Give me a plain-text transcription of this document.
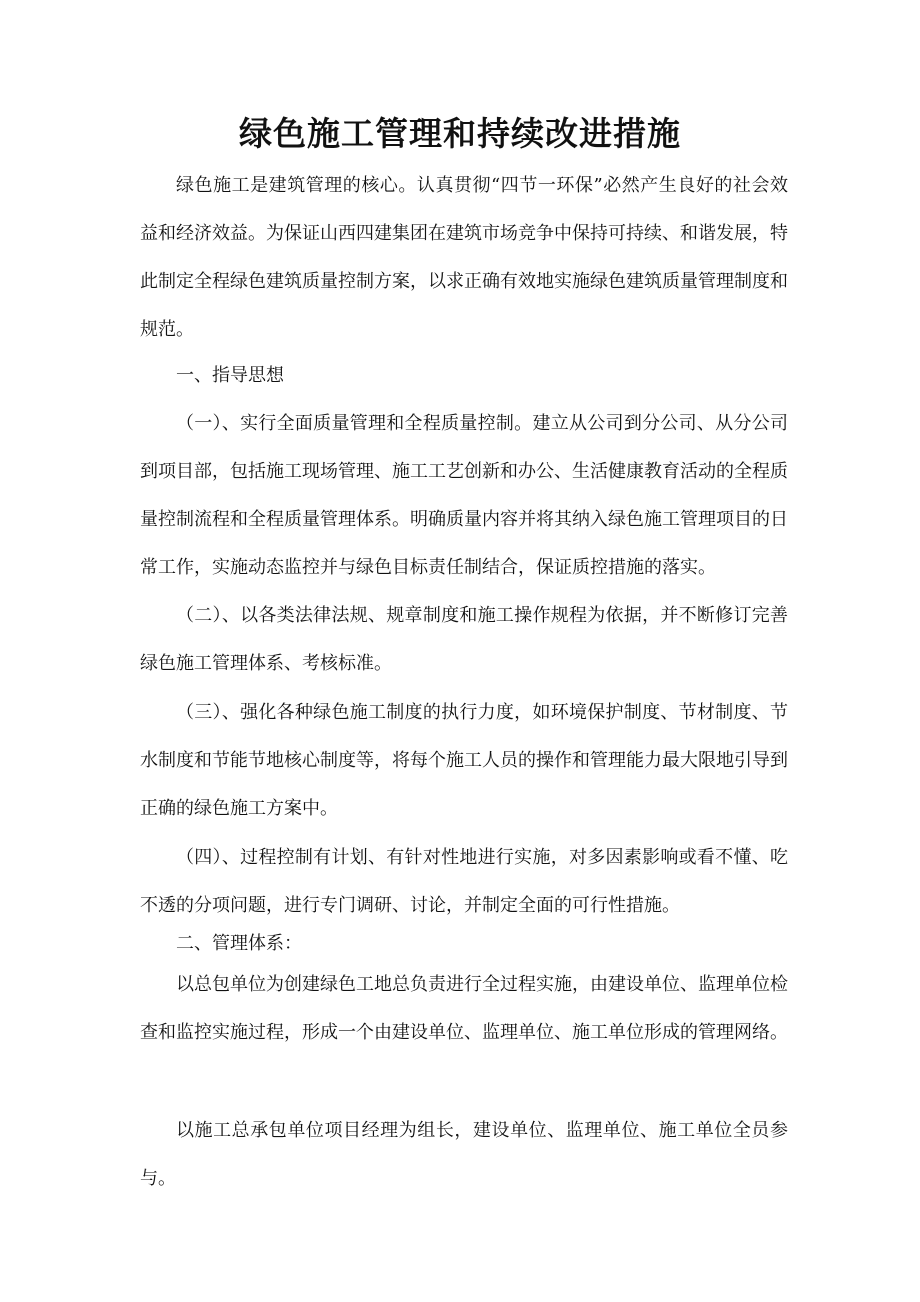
绿色施工管理和持续改进措施

绿色施工是建筑管理的核心。认真贯彻“四节一环保”必然产生良好的社会效益和经济效益。为保证山西四建集团在建筑市场竞争中保持可持续、和谐发展，特此制定全程绿色建筑质量控制方案，以求正确有效地实施绿色建筑质量管理制度和规范。

一、指导思想

（一）、实行全面质量管理和全程质量控制。建立从公司到分公司、从分公司到项目部，包括施工现场管理、施工工艺创新和办公、生活健康教育活动的全程质量控制流程和全程质量管理体系。明确质量内容并将其纳入绿色施工管理项目的日常工作，实施动态监控并与绿色目标责任制结合，保证质控措施的落实。

（二）、以各类法律法规、规章制度和施工操作规程为依据，并不断修订完善绿色施工管理体系、考核标准。

（三）、强化各种绿色施工制度的执行力度，如环境保护制度、节材制度、节水制度和节能节地核心制度等，将每个施工人员的操作和管理能力最大限地引导到正确的绿色施工方案中。

（四）、过程控制有计划、有针对性地进行实施，对多因素影响或看不懂、吃不透的分项问题，进行专门调研、讨论，并制定全面的可行性措施。

二、管理体系：

以总包单位为创建绿色工地总负责进行全过程实施，由建设单位、监理单位检查和监控实施过程，形成一个由建设单位、监理单位、施工单位形成的管理网络。

以施工总承包单位项目经理为组长，建设单位、监理单位、施工单位全员参与。
